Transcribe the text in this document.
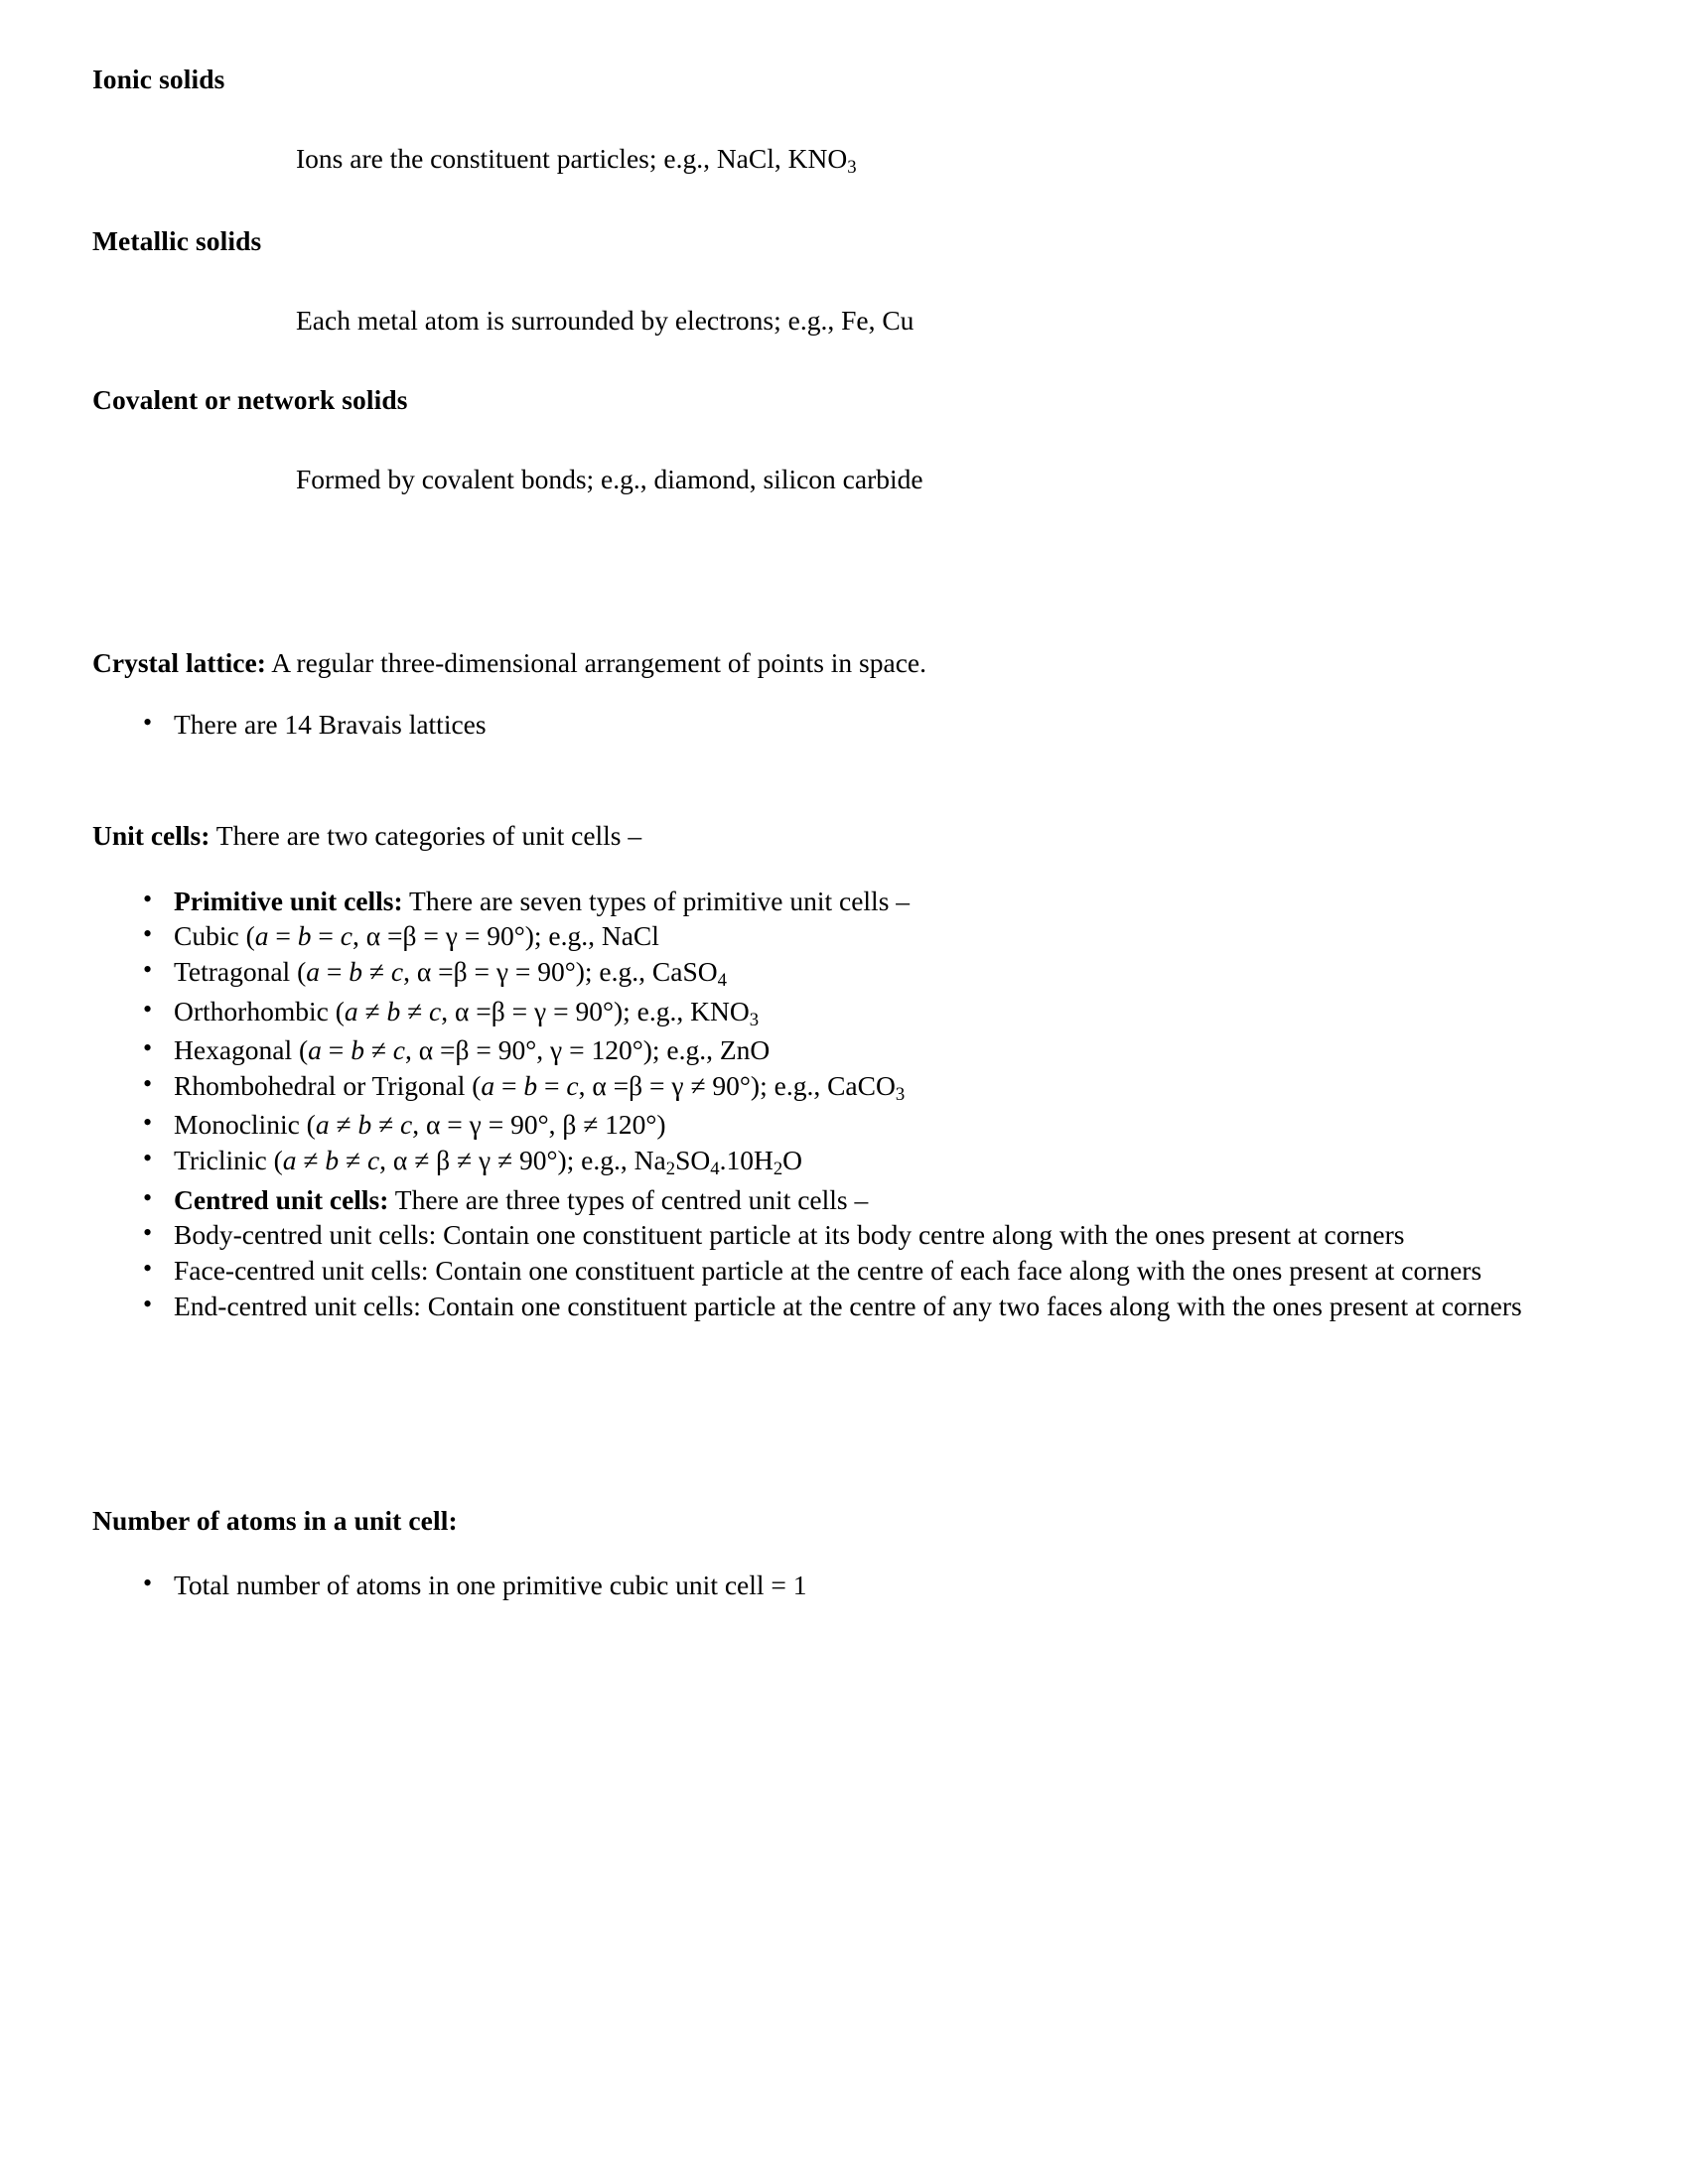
Ionic solids
Ions are the constituent particles; e.g., NaCl, $KNO_3$
Metallic solids
Each metal atom is surrounded by electrons; e.g., Fe, Cu
Covalent or network solids
Formed by covalent bonds; e.g., diamond, silicon carbide
Crystal lattice: A regular three-dimensional arrangement of points in space.
• There are 14 Bravais lattices
Unit cells: There are two categories of unit cells –
• Primitive unit cells: There are seven types of primitive unit cells –
• Cubic (a = b = c, α =β = γ = 90°); e.g., NaCl
• Tetragonal (a = b ≠ c, α =β = γ = 90°); e.g., CaSO$_4$
• Orthorhombic (a ≠ b ≠ c, α =β = γ = 90°); e.g., $KNO_3$
• Hexagonal (a = b ≠ c, α =β = 90°, γ = 120°); e.g., ZnO
• Rhombohedral or Trigonal (a = b = c, α =β = γ ≠ 90°); e.g., CaCO$_3$
• Monoclinic (a ≠ b ≠ c, α = γ = 90°, β ≠ 120°)
• Triclinic (a ≠ b ≠ c, α ≠ β ≠ γ ≠ 90°); e.g., $Na_2SO_4.10H_2O$
• Centred unit cells: There are three types of centred unit cells –
• Body-centred unit cells: Contain one constituent particle at its body centre along with the ones present at corners
• Face-centred unit cells: Contain one constituent particle at the centre of each face along with the ones present at corners
• End-centred unit cells: Contain one constituent particle at the centre of any two faces along with the ones present at corners
Number of atoms in a unit cell:
• Total number of atoms in one primitive cubic unit cell = 1
